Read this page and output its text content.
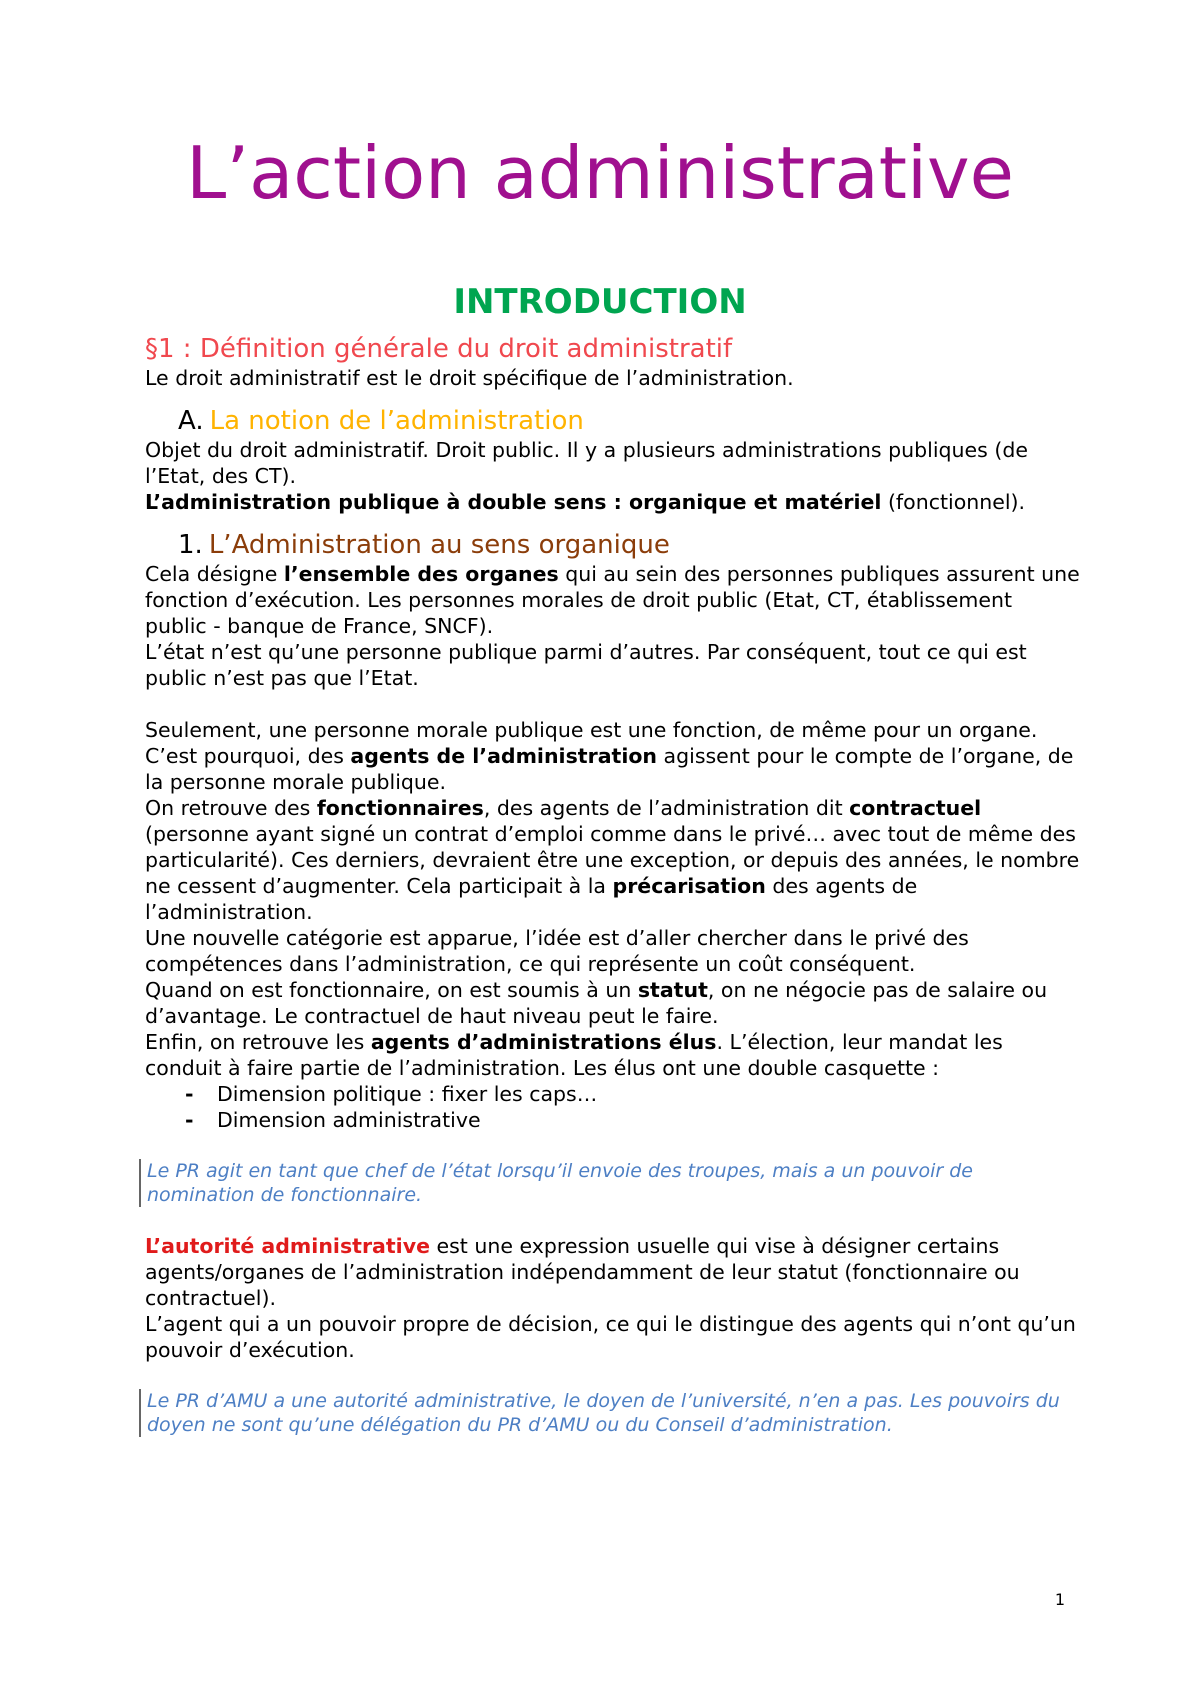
L’action administrative
INTRODUCTION

§1 : Définition générale du droit administratif

Le droit administratif est le droit spécifique de l’administration.

A. La notion de l’administration

Objet du droit administratif. Droit public. Il y a plusieurs administrations publiques (de l’Etat, des CT).

L’administration publique à double sens : organique et matériel (fonctionnel).

1. L’Administration au sens organique

Cela désigne l’ensemble des organes qui au sein des personnes publiques assurent une fonction d’exécution. Les personnes morales de droit public (Etat, CT, établissement public - banque de France, SNCF).

L’état n’est qu’une personne publique parmi d’autres. Par conséquent, tout ce qui est public n’est pas que l’Etat.

Seulement, une personne morale publique est une fonction, de même pour un organe. C’est pourquoi, des agents de l’administration agissent pour le compte de l’organe, de la personne morale publique.

On retrouve des fonctionnaires, des agents de l’administration dit contractuel (personne ayant signé un contrat d’emploi comme dans le privé… avec tout de même des particularité). Ces derniers, devraient être une exception, or depuis des années, le nombre ne cessent d’augmenter. Cela participait à la précarisation des agents de l’administration.

Une nouvelle catégorie est apparue, l’idée est d’aller chercher dans le privé des compétences dans l’administration, ce qui représente un coût conséquent.

Quand on est fonctionnaire, on est soumis à un statut, on ne négocie pas de salaire ou d’avantage. Le contractuel de haut niveau peut le faire.

Enfin, on retrouve les agents d’administrations élus. L’élection, leur mandat les conduit à faire partie de l’administration. Les élus ont une double casquette :

- Dimension politique : fixer les caps…
- Dimension administrative

Le PR agit en tant que chef de l’état lorsqu’il envoie des troupes, mais a un pouvoir de nomination de fonctionnaire.

L’autorité administrative est une expression usuelle qui vise à désigner certains agents/organes de l’administration indépendamment de leur statut (fonctionnaire ou contractuel).

L’agent qui a un pouvoir propre de décision, ce qui le distingue des agents qui n’ont qu’un pouvoir d’exécution.

Le PR d’AMU a une autorité administrative, le doyen de l’université, n’en a pas. Les pouvoirs du doyen ne sont qu’une délégation du PR d’AMU ou du Conseil d’administration.

1
